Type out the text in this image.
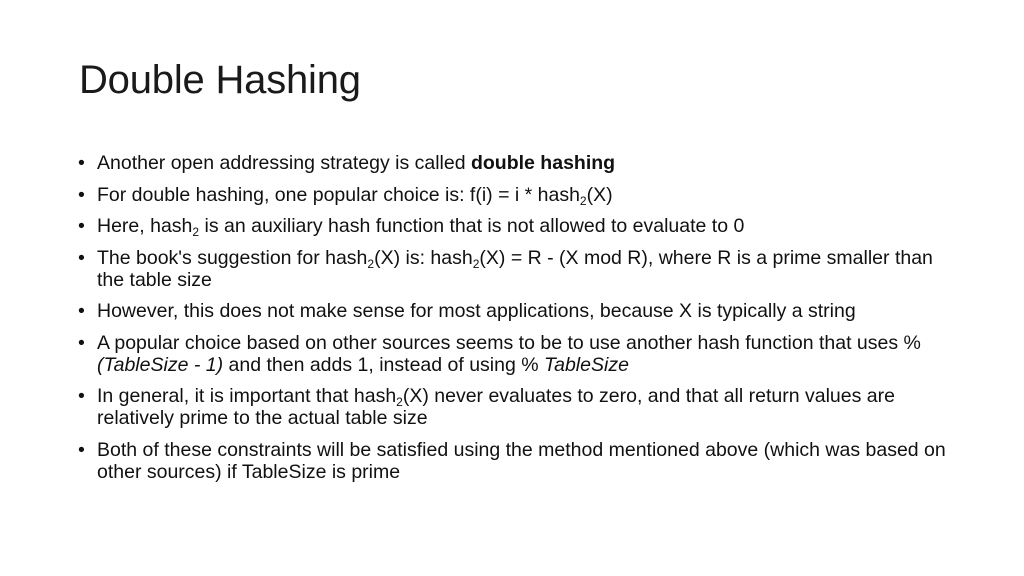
Double Hashing
• Another open addressing strategy is called double hashing
• For double hashing, one popular choice is: f(i) = i * hash$_2$(X)
• Here, hash$_2$ is an auxiliary hash function that is not allowed to evaluate to 0
• The book's suggestion for hash$_2$(X) is: hash$_2$(X) = R - (X mod R), where R is a prime smaller than the table size
• However, this does not make sense for most applications, because X is typically a string
• A popular choice based on other sources seems to be to use another hash function that uses % (TableSize - 1) and then adds 1, instead of using % TableSize
• In general, it is important that hash$_2$(X) never evaluates to zero, and that all return values are relatively prime to the actual table size
• Both of these constraints will be satisfied using the method mentioned above (which was based on other sources) if TableSize is prime
